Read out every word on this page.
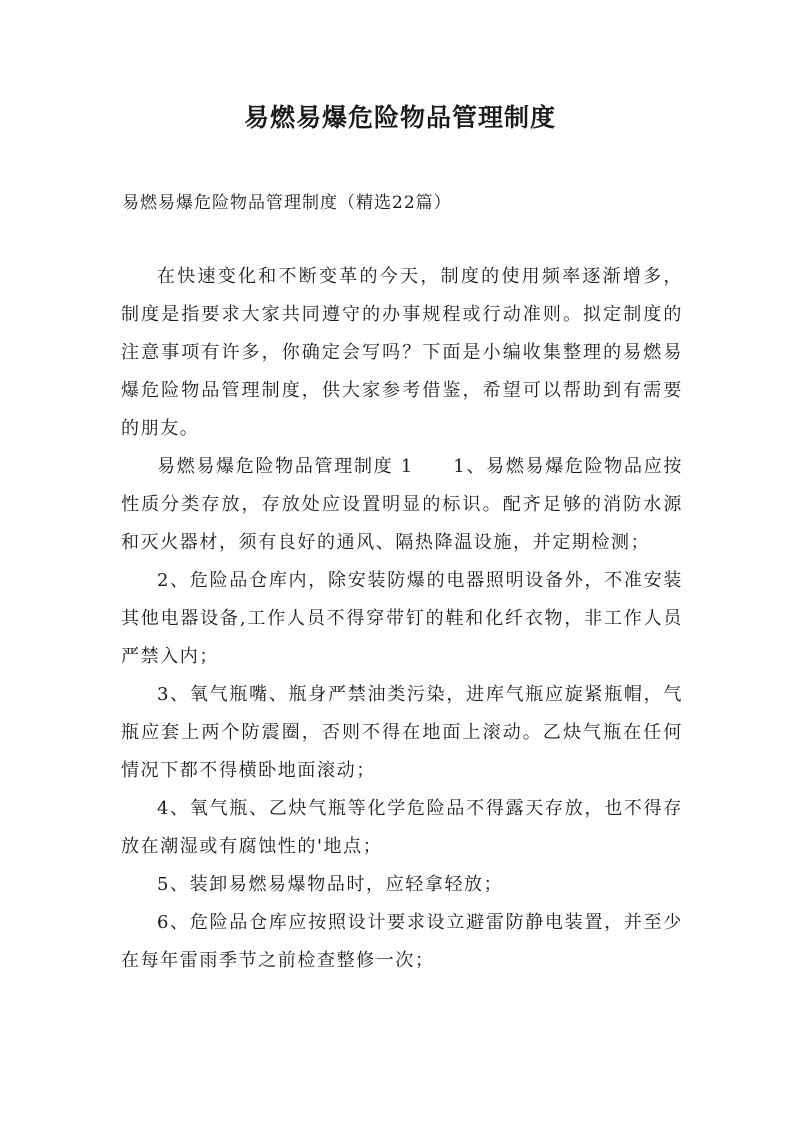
易燃易爆危险物品管理制度

易燃易爆危险物品管理制度（精选22篇）

在快速变化和不断变革的今天，制度的使用频率逐渐增多，制度是指要求大家共同遵守的办事规程或行动准则。拟定制度的注意事项有许多，你确定会写吗？下面是小编收集整理的易燃易爆危险物品管理制度，供大家参考借鉴，希望可以帮助到有需要的朋友。

易燃易爆危险物品管理制度 1　　1、易燃易爆危险物品应按性质分类存放，存放处应设置明显的标识。配齐足够的消防水源和灭火器材，须有良好的通风、隔热降温设施，并定期检测；

2、危险品仓库内，除安装防爆的电器照明设备外，不准安装其他电器设备,工作人员不得穿带钉的鞋和化纤衣物，非工作人员严禁入内；

3、氧气瓶嘴、瓶身严禁油类污染，进库气瓶应旋紧瓶帽，气瓶应套上两个防震圈，否则不得在地面上滚动。乙炔气瓶在任何情况下都不得横卧地面滚动；

4、氧气瓶、乙炔气瓶等化学危险品不得露天存放，也不得存放在潮湿或有腐蚀性的'地点；

5、装卸易燃易爆物品时，应轻拿轻放；

6、危险品仓库应按照设计要求设立避雷防静电装置，并至少在每年雷雨季节之前检查整修一次；
